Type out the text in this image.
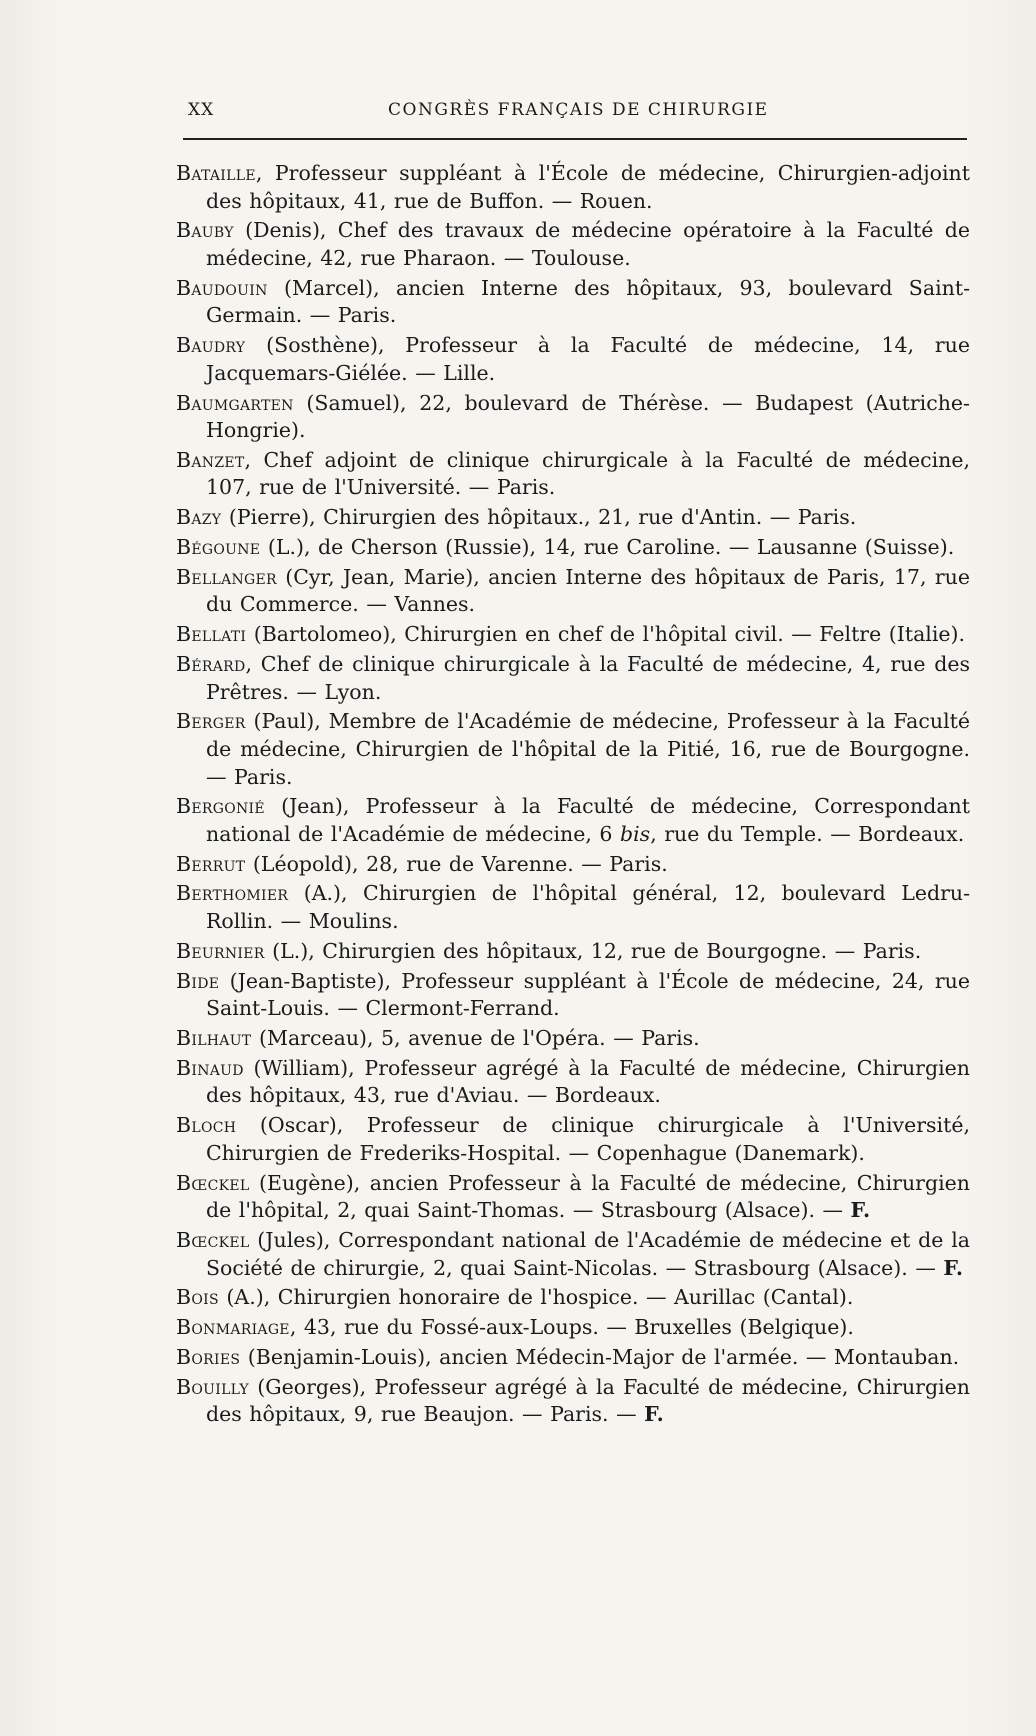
XX	CONGRÈS FRANÇAIS DE CHIRURGIE

Bataille, Professeur suppléant à l'École de médecine, Chirurgien-adjoint des hôpitaux, 41, rue de Buffon. — Rouen.

Bauby (Denis), Chef des travaux de médecine opératoire à la Faculté de médecine, 42, rue Pharaon. — Toulouse.

Baudouin (Marcel), ancien Interne des hôpitaux, 93, boulevard Saint-Germain. — Paris.

Baudry (Sosthène), Professeur à la Faculté de médecine, 14, rue Jacquemars-Giélée. — Lille.

Baumgarten (Samuel), 22, boulevard de Thérèse. — Budapest (Autriche-Hongrie).

Banzet, Chef adjoint de clinique chirurgicale à la Faculté de médecine, 107, rue de l'Université. — Paris.

Bazy (Pierre), Chirurgien des hôpitaux., 21, rue d'Antin. — Paris.

Bégoune (L.), de Cherson (Russie), 14, rue Caroline. — Lausanne (Suisse).

Bellanger (Cyr, Jean, Marie), ancien Interne des hôpitaux de Paris, 17, rue du Commerce. — Vannes.

Bellati (Bartolomeo), Chirurgien en chef de l'hôpital civil. — Feltre (Italie).

Bérard, Chef de clinique chirurgicale à la Faculté de médecine, 4, rue des Prêtres. — Lyon.

Berger (Paul), Membre de l'Académie de médecine, Professeur à la Faculté de médecine, Chirurgien de l'hôpital de la Pitié, 16, rue de Bourgogne. — Paris.

Bergonié (Jean), Professeur à la Faculté de médecine, Correspondant national de l'Académie de médecine, 6 bis, rue du Temple. — Bordeaux.

Berrut (Léopold), 28, rue de Varenne. — Paris.

Berthomier (A.), Chirurgien de l'hôpital général, 12, boulevard Ledru-Rollin. — Moulins.

Beurnier (L.), Chirurgien des hôpitaux, 12, rue de Bourgogne. — Paris.

Bide (Jean-Baptiste), Professeur suppléant à l'École de médecine, 24, rue Saint-Louis. — Clermont-Ferrand.

Bilhaut (Marceau), 5, avenue de l'Opéra. — Paris.

Binaud (William), Professeur agrégé à la Faculté de médecine, Chirurgien des hôpitaux, 43, rue d'Aviau. — Bordeaux.

Bloch (Oscar), Professeur de clinique chirurgicale à l'Université, Chirurgien de Frederiks-Hospital. — Copenhague (Danemark).

Bœckel (Eugène), ancien Professeur à la Faculté de médecine, Chirurgien de l'hôpital, 2, quai Saint-Thomas. — Strasbourg (Alsace). — F.

Bœckel (Jules), Correspondant national de l'Académie de médecine et de la Société de chirurgie, 2, quai Saint-Nicolas. — Strasbourg (Alsace). — F.

Bois (A.), Chirurgien honoraire de l'hospice. — Aurillac (Cantal).

Bonmariage, 43, rue du Fossé-aux-Loups. — Bruxelles (Belgique).

Bories (Benjamin-Louis), ancien Médecin-Major de l'armée. — Montauban.

Bouilly (Georges), Professeur agrégé à la Faculté de médecine, Chirurgien des hôpitaux, 9, rue Beaujon. — Paris. — F.
